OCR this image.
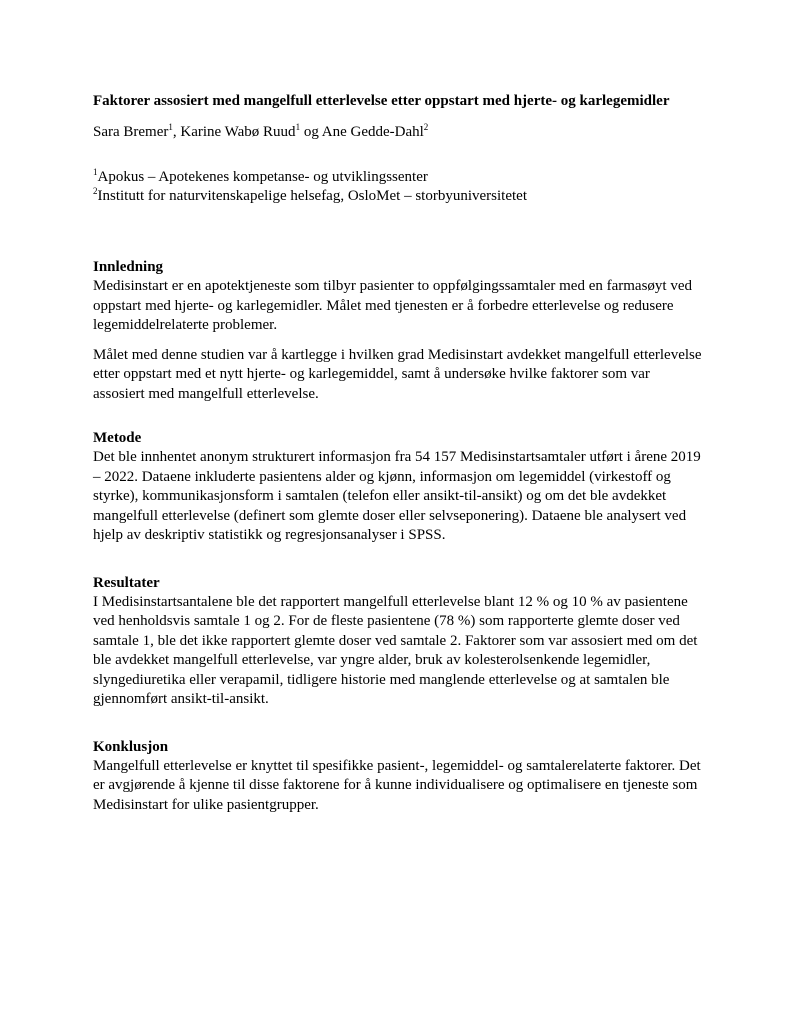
Faktorer assosiert med mangelfull etterlevelse etter oppstart med hjerte- og karlegemidler
Sara Bremer$^1$, Karine Wabø Ruud$^1$ og Ane Gedde-Dahl$^2$
$^1$Apokus – Apotekenes kompetanse- og utviklingssenter
$^2$Institutt for naturvitenskapelige helsefag, OsloMet – storbyuniversitetet
Innledning

Medisinstart er en apotektjeneste som tilbyr pasienter to oppfølgingssamtaler med en farmasøyt ved oppstart med hjerte- og karlegemidler. Målet med tjenesten er å forbedre etterlevelse og redusere legemiddelrelaterte problemer.

Målet med denne studien var å kartlegge i hvilken grad Medisinstart avdekket mangelfull etterlevelse etter oppstart med et nytt hjerte- og karlegemiddel, samt å undersøke hvilke faktorer som var assosiert med mangelfull etterlevelse.

Metode

Det ble innhentet anonym strukturert informasjon fra 54 157 Medisinstartsamtaler utført i årene 2019 – 2022. Dataene inkluderte pasientens alder og kjønn, informasjon om legemiddel (virkestoff og styrke), kommunikasjonsform i samtalen (telefon eller ansikt-til-ansikt) og om det ble avdekket mangelfull etterlevelse (definert som glemte doser eller selvseponering). Dataene ble analysert ved hjelp av deskriptiv statistikk og regresjonsanalyser i SPSS.

Resultater

I Medisinstartsantalene ble det rapportert mangelfull etterlevelse blant 12 % og 10 % av pasientene ved henholdsvis samtale 1 og 2. For de fleste pasientene (78 %) som rapporterte glemte doser ved samtale 1, ble det ikke rapportert glemte doser ved samtale 2. Faktorer som var assosiert med om det ble avdekket mangelfull etterlevelse, var yngre alder, bruk av kolesterolsenkende legemidler, slyngediuretika eller verapamil, tidligere historie med manglende etterlevelse og at samtalen ble gjennomført ansikt-til-ansikt.

Konklusjon

Mangelfull etterlevelse er knyttet til spesifikke pasient-, legemiddel- og samtalerelaterte faktorer. Det er avgjørende å kjenne til disse faktorene for å kunne individualisere og optimalisere en tjeneste som Medisinstart for ulike pasientgrupper.
